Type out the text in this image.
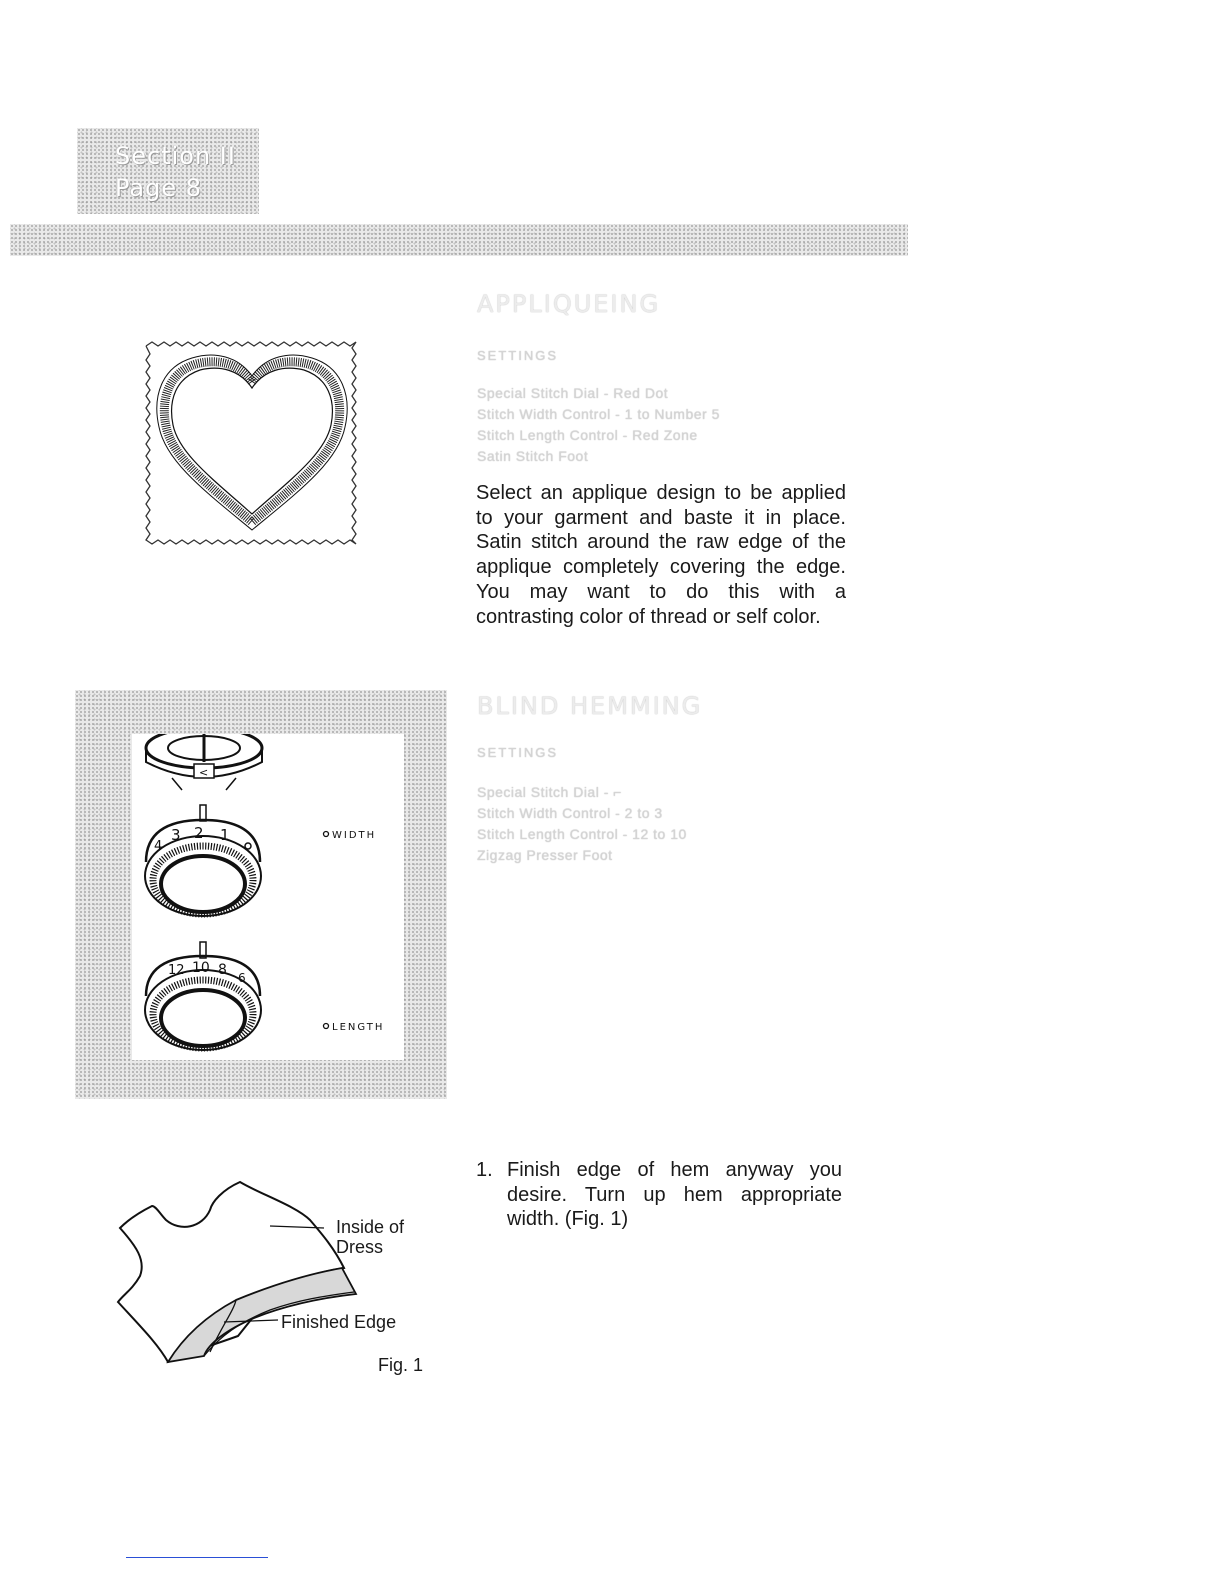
Section II
Page 8
APPLIQUEING
SETTINGS
Special Stitch Dial - Red Dot
Stitch Width Control - 1 to Number 5
Stitch Length Control - Red Zone
Satin Stitch Foot

Select an applique design to be applied to your garment and baste it in place. Satin stitch around the raw edge of the applique completely covering the edge. You may want to do this with a contrasting color of thread or self color.

<
4
3 2 1	WIDTH
12 10 8 6
LENGTH
BLIND HEMMING
SETTINGS
Special Stitch Dial - ⌐
Stitch Width Control - 2 to 3
Stitch Length Control - 12 to 10
Zigzag Presser Foot
Inside of
Dress
Finished Edge
Fig. 1
1. Finish edge of hem anyway you desire. Turn up hem appropriate width. (Fig. 1)
